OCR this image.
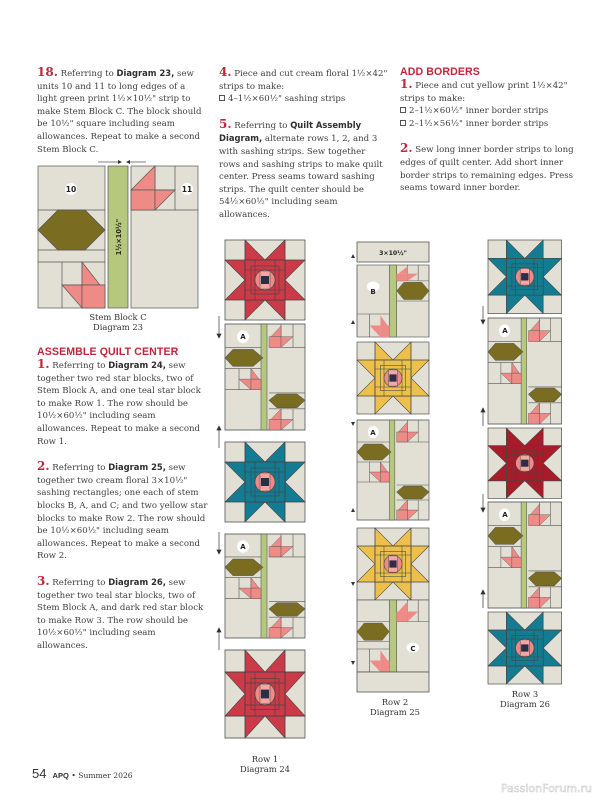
18. Referring to Diagram 23, sew units 10 and 11 to long edges of a light green print 1½×10½" strip to make Stem Block C. The block should be 10½" square including seam allowances. Repeat to make a second Stem Block C.

10
1½×10½"
11
Stem Block C
Diagram 23
ASSEMBLE QUILT CENTER

1. Referring to Diagram 24, sew together two red star blocks, two of Stem Block A, and one teal star block to make Row 1. The row should be 10½×60½" including seam allowances. Repeat to make a second Row 1.

2. Referring to Diagram 25, sew together two cream floral 3×10½" sashing rectangles; one each of stem blocks B, A, and C; and two yellow star blocks to make Row 2. The row should be 10½×60½" including seam allowances. Repeat to make a second Row 2.

3. Referring to Diagram 26, sew together two teal star blocks, two of Stem Block A, and dark red star block to make Row 3. The row should be 10½×60½" including seam allowances.

4. Piece and cut cream floral 1½×42" strips to make:
4–1½×60½" sashing strips

5. Referring to Quilt Assembly Diagram, alternate rows 1, 2, and 3 with sashing strips. Sew together rows and sashing strips to make quilt center. Press seams toward sashing strips. The quilt center should be 54½×60½" including seam allowances.

ADD BORDERS

1. Piece and cut yellow print 1½×42" strips to make:
2–1½×60½" inner border strips
2–1½×56½" inner border strips

2. Sew long inner border strips to long edges of quilt center. Add short inner border strips to remaining edges. Press seams toward inner border.

A
A
Row 1
Diagram 24
3×10½"
B
A
C
Row 2
Diagram 25
A
A
Row 3
Diagram 26
54 APQ • Summer 2026
PassionForum.ru
